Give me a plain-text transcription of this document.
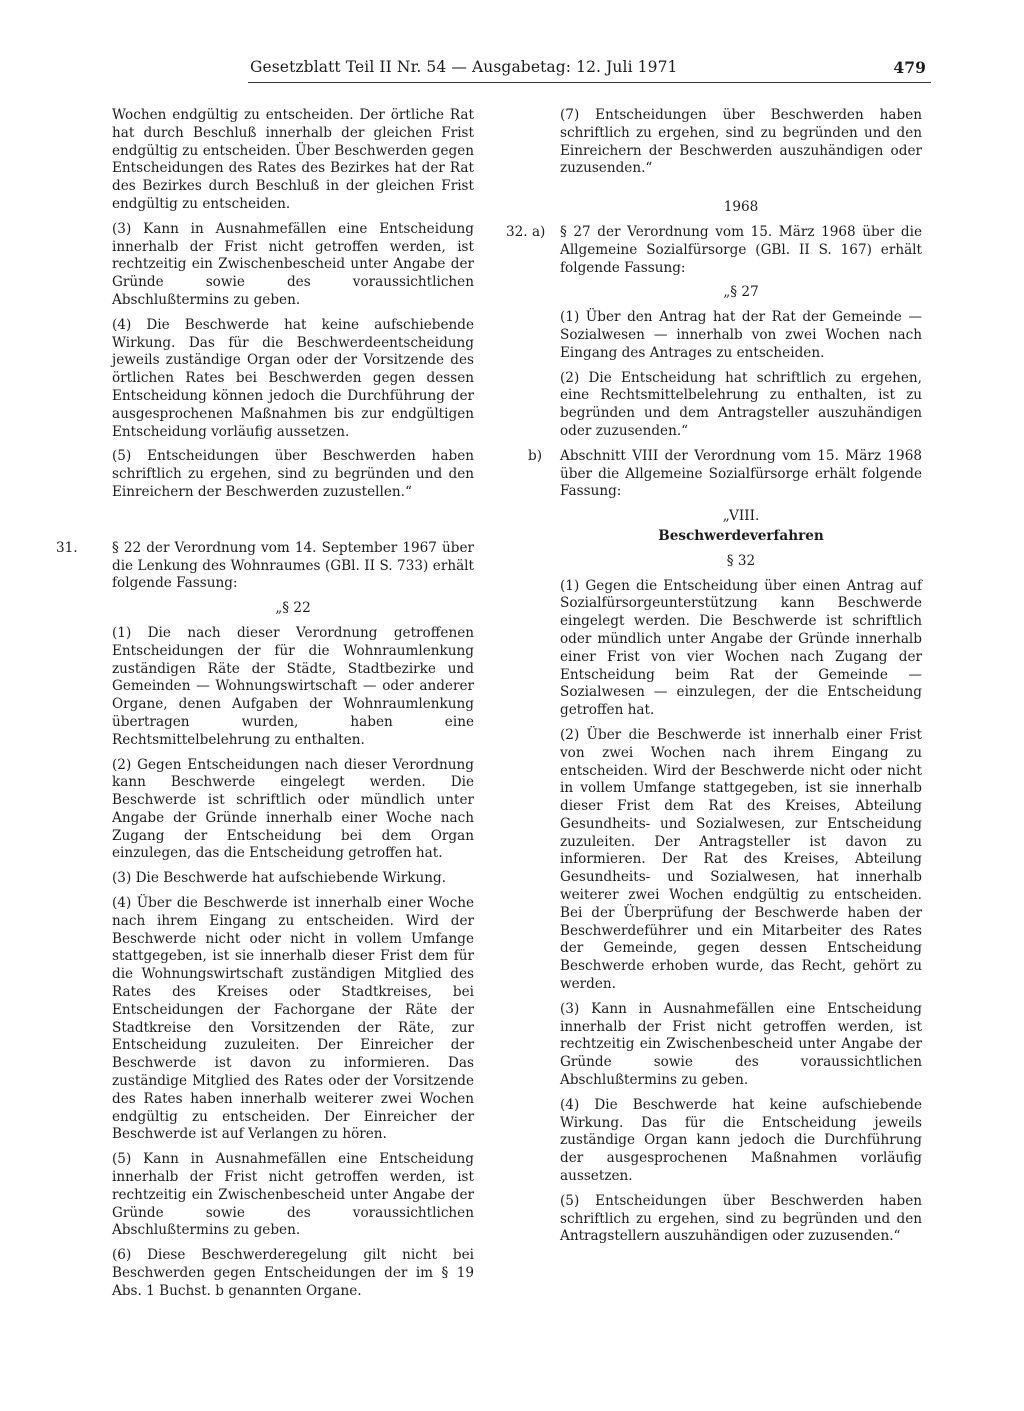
Gesetzblatt Teil II Nr. 54 — Ausgabetag: 12. Juli 1971	479

Wochen endgültig zu entscheiden. Der örtliche Rat hat durch Beschluß innerhalb der gleichen Frist endgültig zu entscheiden. Über Beschwerden gegen Entscheidungen des Rates des Bezirkes hat der Rat des Bezirkes durch Beschluß in der gleichen Frist endgültig zu entscheiden.

(3) Kann in Ausnahmefällen eine Entscheidung innerhalb der Frist nicht getroffen werden, ist rechtzeitig ein Zwischenbescheid unter Angabe der Gründe sowie des voraussichtlichen Abschlußtermins zu geben.

(4) Die Beschwerde hat keine aufschiebende Wirkung. Das für die Beschwerdeentscheidung jeweils zuständige Organ oder der Vorsitzende des örtlichen Rates bei Beschwerden gegen dessen Entscheidung können jedoch die Durchführung der ausgesprochenen Maßnahmen bis zur endgültigen Entscheidung vorläufig aussetzen.

(5) Entscheidungen über Beschwerden haben schriftlich zu ergehen, sind zu begründen und den Einreichern der Beschwerden zuzustellen.“

31.	§ 22 der Verordnung vom 14. September 1967 über die Lenkung des Wohnraumes (GBl. II S. 733) erhält folgende Fassung:

„§ 22

(1) Die nach dieser Verordnung getroffenen Entscheidungen der für die Wohnraumlenkung zuständigen Räte der Städte, Stadtbezirke und Gemeinden — Wohnungswirtschaft — oder anderer Organe, denen Aufgaben der Wohnraumlenkung übertragen wurden, haben eine Rechtsmittelbelehrung zu enthalten.

(2) Gegen Entscheidungen nach dieser Verordnung kann Beschwerde eingelegt werden. Die Beschwerde ist schriftlich oder mündlich unter Angabe der Gründe innerhalb einer Woche nach Zugang der Entscheidung bei dem Organ einzulegen, das die Entscheidung getroffen hat.

(3) Die Beschwerde hat aufschiebende Wirkung.

(4) Über die Beschwerde ist innerhalb einer Woche nach ihrem Eingang zu entscheiden. Wird der Beschwerde nicht oder nicht in vollem Umfange stattgegeben, ist sie innerhalb dieser Frist dem für die Wohnungswirtschaft zuständigen Mitglied des Rates des Kreises oder Stadtkreises, bei Entscheidungen der Fachorgane der Räte der Stadtkreise den Vorsitzenden der Räte, zur Entscheidung zuzuleiten. Der Einreicher der Beschwerde ist davon zu informieren. Das zuständige Mitglied des Rates oder der Vorsitzende des Rates haben innerhalb weiterer zwei Wochen endgültig zu entscheiden. Der Einreicher der Beschwerde ist auf Verlangen zu hören.

(5) Kann in Ausnahmefällen eine Entscheidung innerhalb der Frist nicht getroffen werden, ist rechtzeitig ein Zwischenbescheid unter Angabe der Gründe sowie des voraussichtlichen Abschlußtermins zu geben.

(6) Diese Beschwerderegelung gilt nicht bei Beschwerden gegen Entscheidungen der im § 19 Abs. 1 Buchst. b genannten Organe.

(7) Entscheidungen über Beschwerden haben schriftlich zu ergehen, sind zu begründen und den Einreichern der Beschwerden auszuhändigen oder zuzusenden.“

1968

32. a) § 27 der Verordnung vom 15. März 1968 über die Allgemeine Sozialfürsorge (GBl. II S. 167) erhält folgende Fassung:

„§ 27

(1) Über den Antrag hat der Rat der Gemeinde — Sozialwesen — innerhalb von zwei Wochen nach Eingang des Antrages zu entscheiden.

(2) Die Entscheidung hat schriftlich zu ergehen, eine Rechtsmittelbelehrung zu enthalten, ist zu begründen und dem Antragsteller auszuhändigen oder zuzusenden.“

b) Abschnitt VIII der Verordnung vom 15. März 1968 über die Allgemeine Sozialfürsorge erhält folgende Fassung:

„VIII.

Beschwerdeverfahren

§ 32

(1) Gegen die Entscheidung über einen Antrag auf Sozialfürsorgeunterstützung kann Beschwerde eingelegt werden. Die Beschwerde ist schriftlich oder mündlich unter Angabe der Gründe innerhalb einer Frist von vier Wochen nach Zugang der Entscheidung beim Rat der Gemeinde — Sozialwesen — einzulegen, der die Entscheidung getroffen hat.

(2) Über die Beschwerde ist innerhalb einer Frist von zwei Wochen nach ihrem Eingang zu entscheiden. Wird der Beschwerde nicht oder nicht in vollem Umfange stattgegeben, ist sie innerhalb dieser Frist dem Rat des Kreises, Abteilung Gesundheits- und Sozialwesen, zur Entscheidung zuzuleiten. Der Antragsteller ist davon zu informieren. Der Rat des Kreises, Abteilung Gesundheits- und Sozialwesen, hat innerhalb weiterer zwei Wochen endgültig zu entscheiden. Bei der Überprüfung der Beschwerde haben der Beschwerdeführer und ein Mitarbeiter des Rates der Gemeinde, gegen dessen Entscheidung Beschwerde erhoben wurde, das Recht, gehört zu werden.

(3) Kann in Ausnahmefällen eine Entscheidung innerhalb der Frist nicht getroffen werden, ist rechtzeitig ein Zwischenbescheid unter Angabe der Gründe sowie des voraussichtlichen Abschlußtermins zu geben.

(4) Die Beschwerde hat keine aufschiebende Wirkung. Das für die Entscheidung jeweils zuständige Organ kann jedoch die Durchführung der ausgesprochenen Maßnahmen vorläufig aussetzen.

(5) Entscheidungen über Beschwerden haben schriftlich zu ergehen, sind zu begründen und den Antragstellern auszuhändigen oder zuzusenden.“
